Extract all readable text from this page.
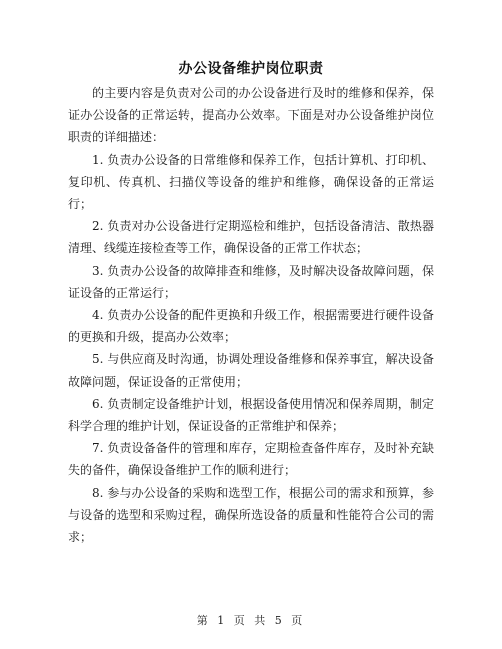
办公设备维护岗位职责

的主要内容是负责对公司的办公设备进行及时的维修和保养，保证办公设备的正常运转，提高办公效率。下面是对办公设备维护岗位职责的详细描述：

1. 负责办公设备的日常维修和保养工作，包括计算机、打印机、复印机、传真机、扫描仪等设备的维护和维修，确保设备的正常运行；

2. 负责对办公设备进行定期巡检和维护，包括设备清洁、散热器清理、线缆连接检查等工作，确保设备的正常工作状态；

3. 负责办公设备的故障排查和维修，及时解决设备故障问题，保证设备的正常运行；

4. 负责办公设备的配件更换和升级工作，根据需要进行硬件设备的更换和升级，提高办公效率；

5. 与供应商及时沟通，协调处理设备维修和保养事宜，解决设备故障问题，保证设备的正常使用；

6. 负责制定设备维护计划，根据设备使用情况和保养周期，制定科学合理的维护计划，保证设备的正常维护和保养；

7. 负责设备备件的管理和库存，定期检查备件库存，及时补充缺失的备件，确保设备维护工作的顺利进行；

8. 参与办公设备的采购和选型工作，根据公司的需求和预算，参与设备的选型和采购过程，确保所选设备的质量和性能符合公司的需求；

第 1 页 共 5 页
